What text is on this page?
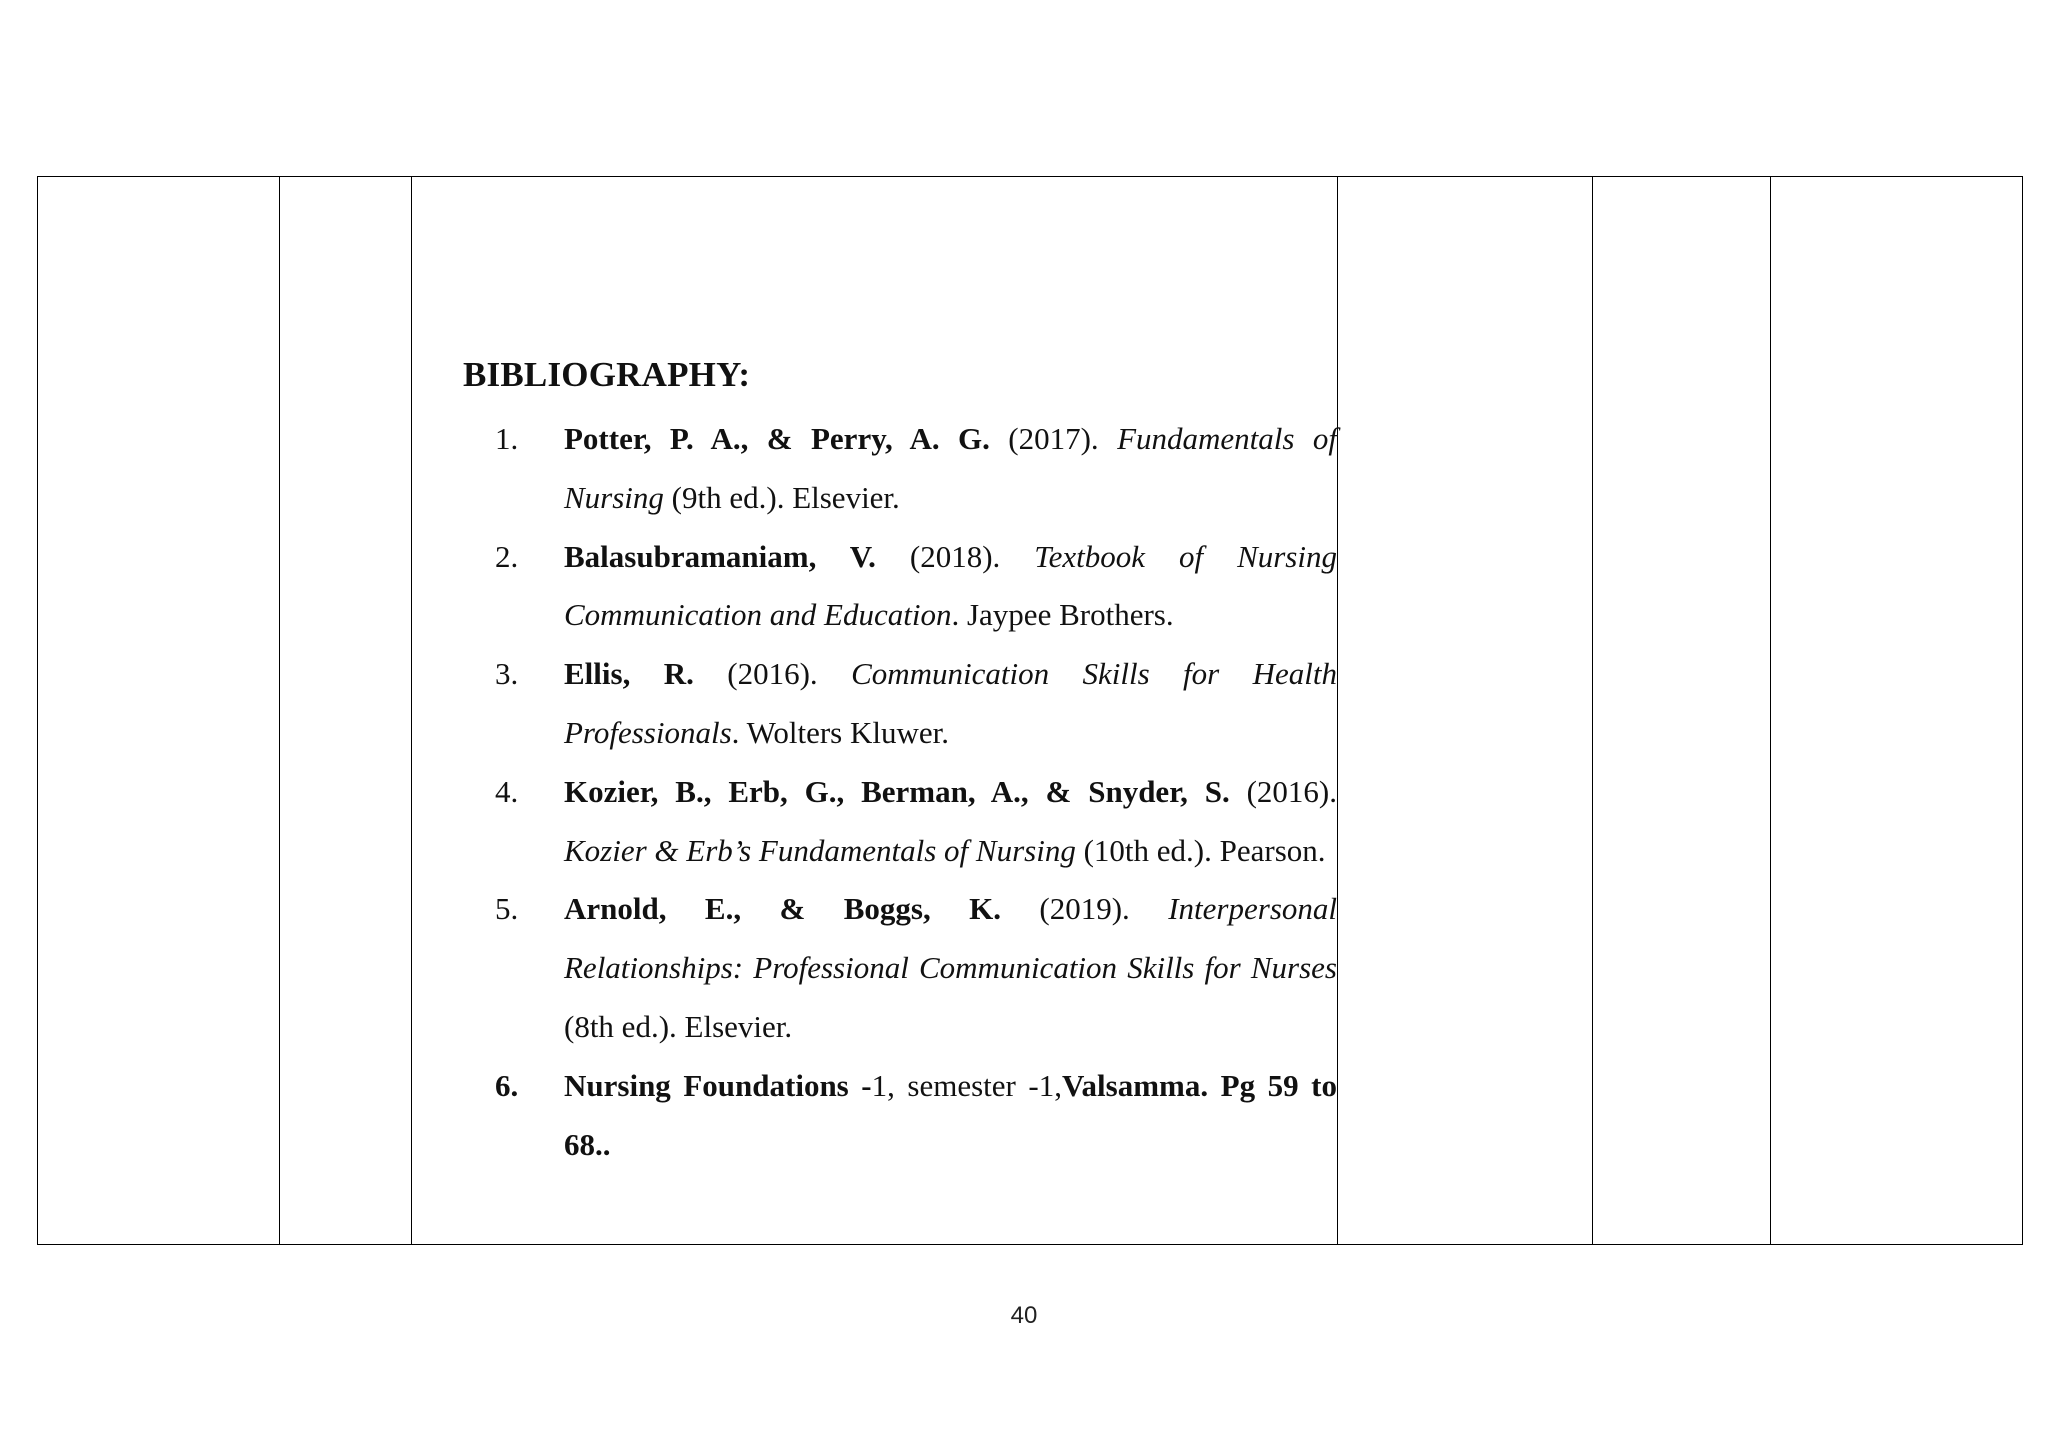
BIBLIOGRAPHY:
1. Potter, P. A., & Perry, A. G. (2017). Fundamentals of Nursing (9th ed.). Elsevier.
2. Balasubramaniam, V. (2018). Textbook of Nursing Communication and Education. Jaypee Brothers.
3. Ellis, R. (2016). Communication Skills for Health Professionals. Wolters Kluwer.
4. Kozier, B., Erb, G., Berman, A., & Snyder, S. (2016). Kozier & Erb’s Fundamentals of Nursing (10th ed.). Pearson.
5. Arnold, E., & Boggs, K. (2019). Interpersonal Relationships: Professional Communication Skills for Nurses (8th ed.). Elsevier.
6. Nursing Foundations -1, semester -1,Valsamma. Pg 59 to 68..
40
